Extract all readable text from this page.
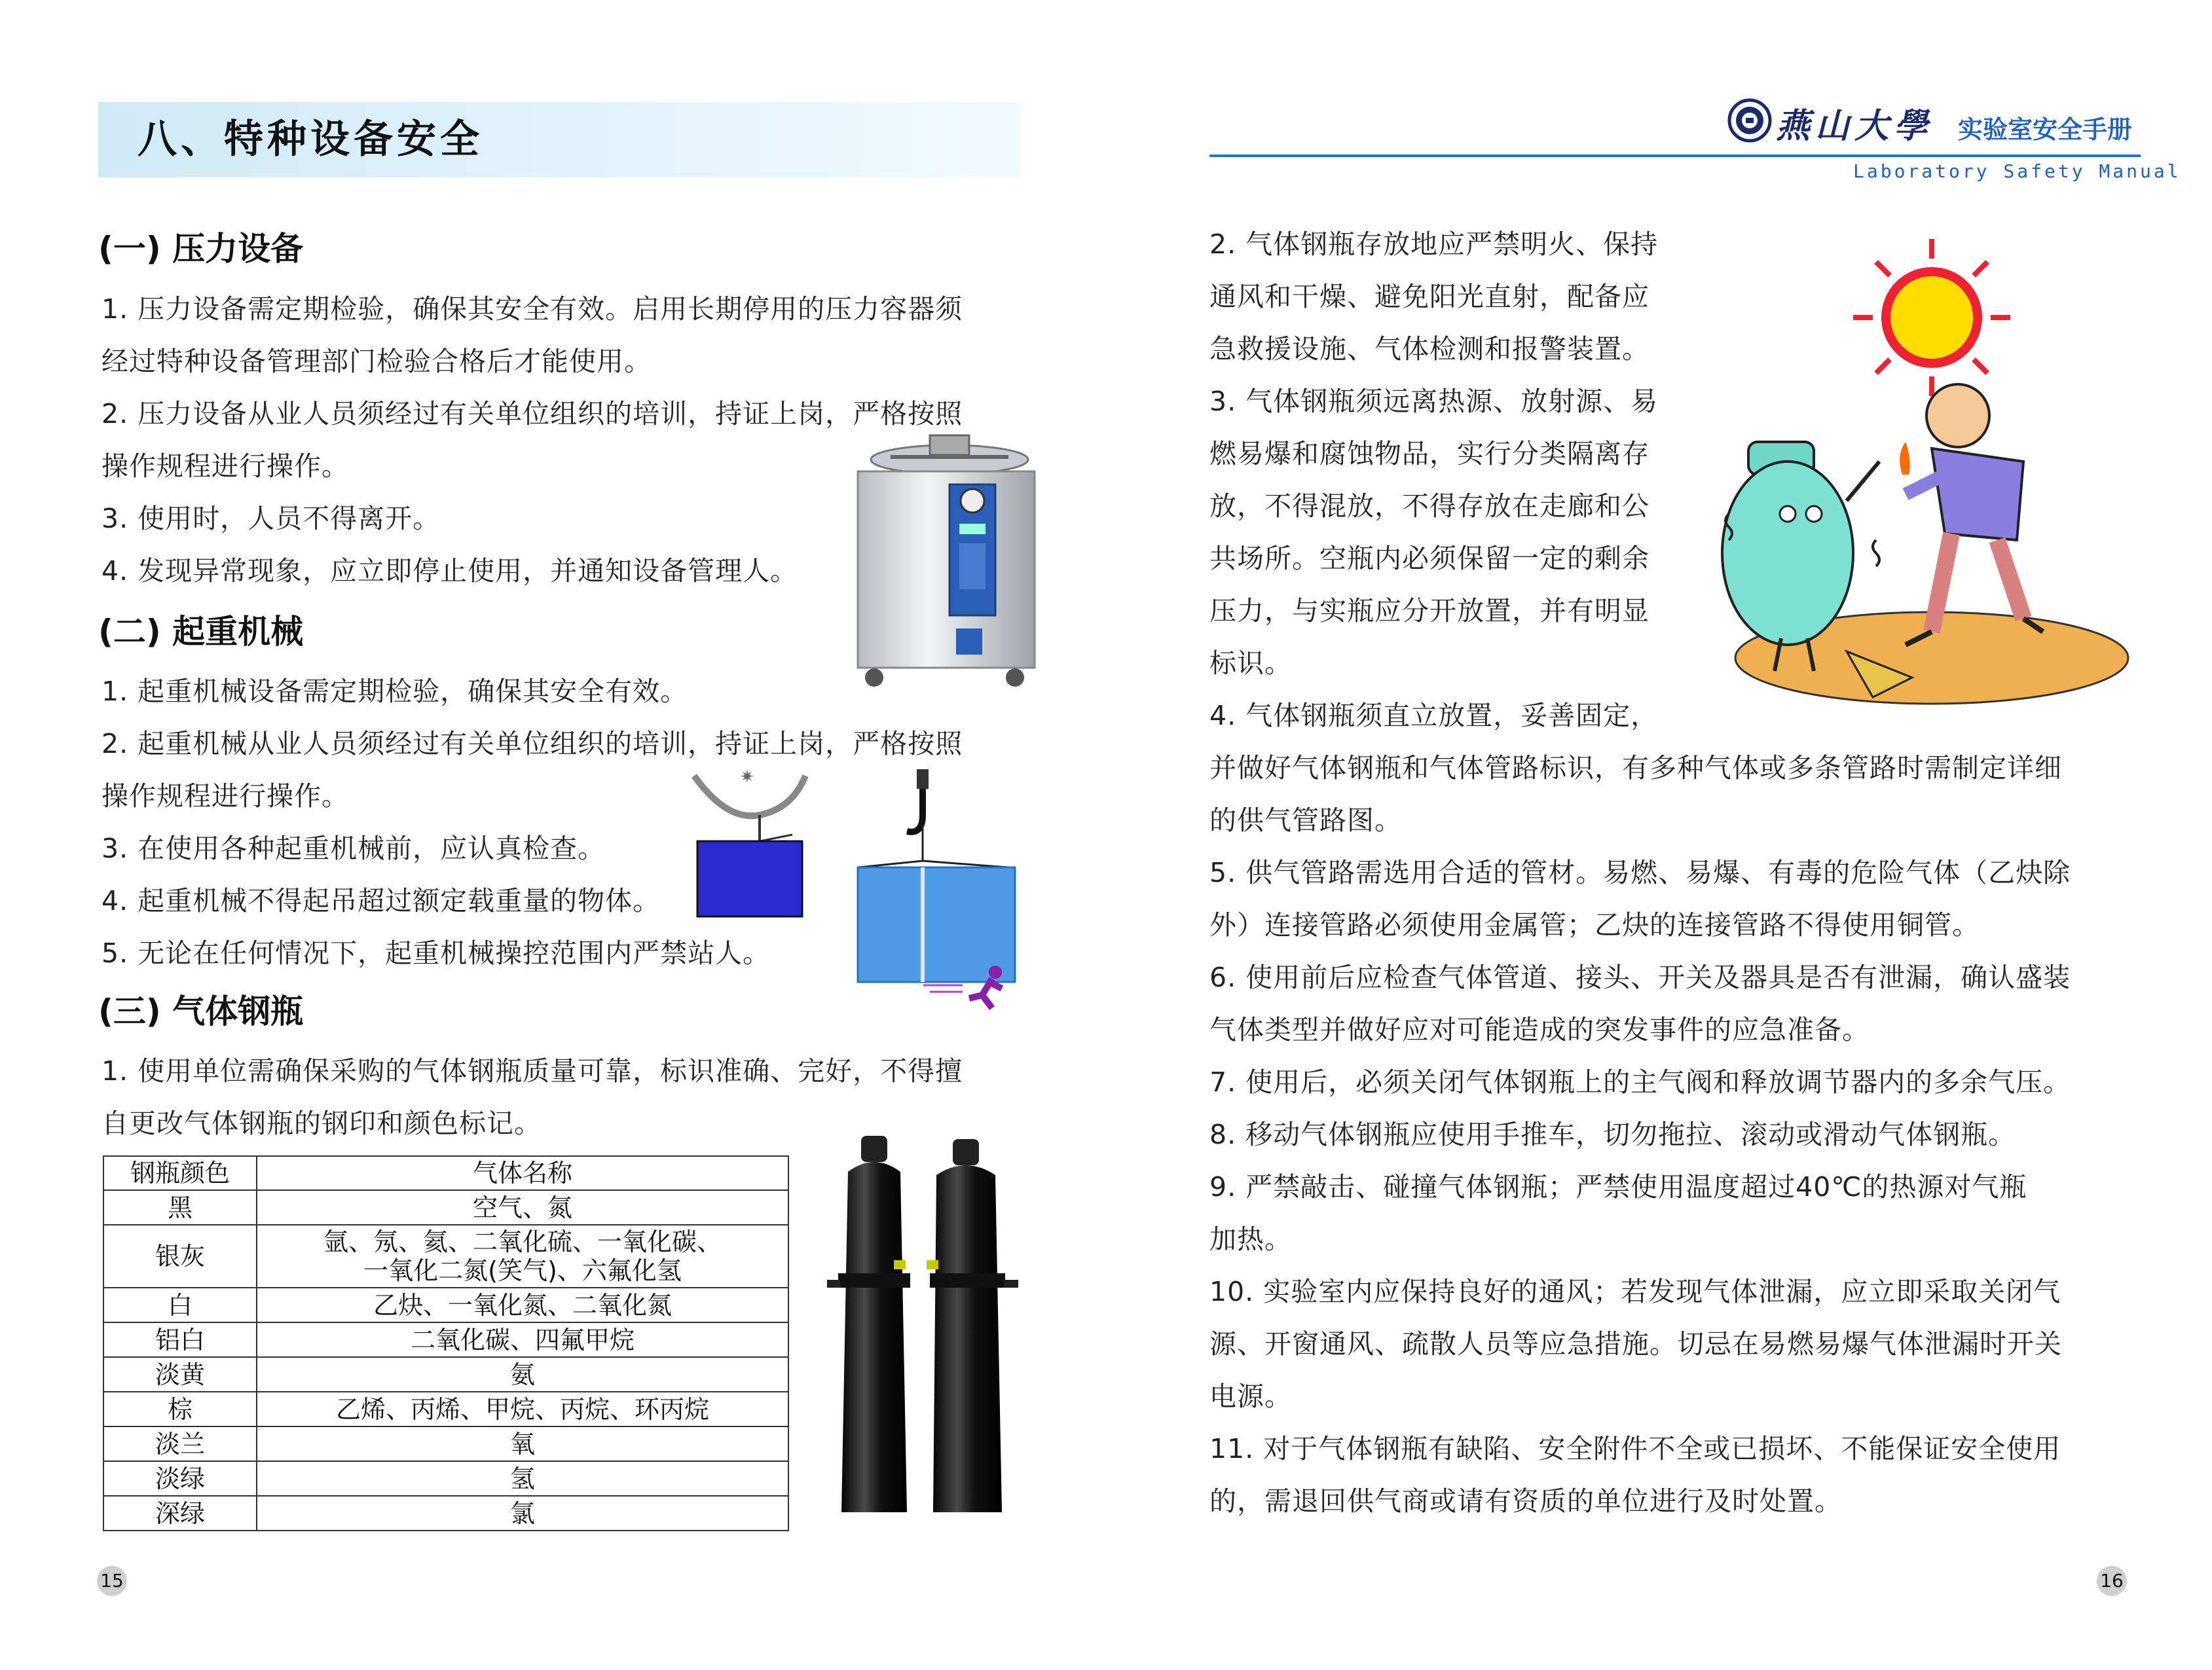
八、特种设备安全
(一) 压力设备
1. 压力设备需定期检验，确保其安全有效。启用长期停用的压力容器须
经过特种设备管理部门检验合格后才能使用。
2. 压力设备从业人员须经过有关单位组织的培训，持证上岗，严格按照
操作规程进行操作。
3. 使用时，人员不得离开。
4. 发现异常现象，应立即停止使用，并通知设备管理人。
(二) 起重机械
1. 起重机械设备需定期检验，确保其安全有效。
2. 起重机械从业人员须经过有关单位组织的培训，持证上岗，严格按照
操作规程进行操作。
3. 在使用各种起重机械前，应认真检查。
4. 起重机械不得起吊超过额定载重量的物体。
5. 无论在任何情况下，起重机械操控范围内严禁站人。
✷
(三) 气体钢瓶
1. 使用单位需确保采购的气体钢瓶质量可靠，标识准确、完好，不得擅
自更改气体钢瓶的钢印和颜色标记。
钢瓶颜色	气体名称
黑	空气、氮
银灰	氩、氖、氦、二氧化硫、一氧化碳、
一氧化二氮(笑气)、六氟化氢

白	乙炔、一氧化氮、二氧化氮
铝白	二氧化碳、四氟甲烷
淡黄	氨
棕	乙烯、丙烯、甲烷、丙烷、环丙烷
淡兰	氧
淡绿	氢
深绿	氯
15
燕山大學 实验室安全手册
Laboratory Safety Manual
2. 气体钢瓶存放地应严禁明火、保持
通风和干燥、避免阳光直射，配备应
急救援设施、气体检测和报警装置。
3. 气体钢瓶须远离热源、放射源、易
燃易爆和腐蚀物品，实行分类隔离存
放，不得混放，不得存放在走廊和公
共场所。空瓶内必须保留一定的剩余
压力，与实瓶应分开放置，并有明显
标识。
4. 气体钢瓶须直立放置，妥善固定，
并做好气体钢瓶和气体管路标识，有多种气体或多条管路时需制定详细
的供气管路图。
5. 供气管路需选用合适的管材。易燃、易爆、有毒的危险气体（乙炔除
外）连接管路必须使用金属管；乙炔的连接管路不得使用铜管。
6. 使用前后应检查气体管道、接头、开关及器具是否有泄漏，确认盛装
气体类型并做好应对可能造成的突发事件的应急准备。
7. 使用后，必须关闭气体钢瓶上的主气阀和释放调节器内的多余气压。
8. 移动气体钢瓶应使用手推车，切勿拖拉、滚动或滑动气体钢瓶。
9. 严禁敲击、碰撞气体钢瓶；严禁使用温度超过40℃的热源对气瓶
加热。
10. 实验室内应保持良好的通风；若发现气体泄漏，应立即采取关闭气
源、开窗通风、疏散人员等应急措施。切忌在易燃易爆气体泄漏时开关
电源。
11. 对于气体钢瓶有缺陷、安全附件不全或已损坏、不能保证安全使用
的，需退回供气商或请有资质的单位进行及时处置。
16
